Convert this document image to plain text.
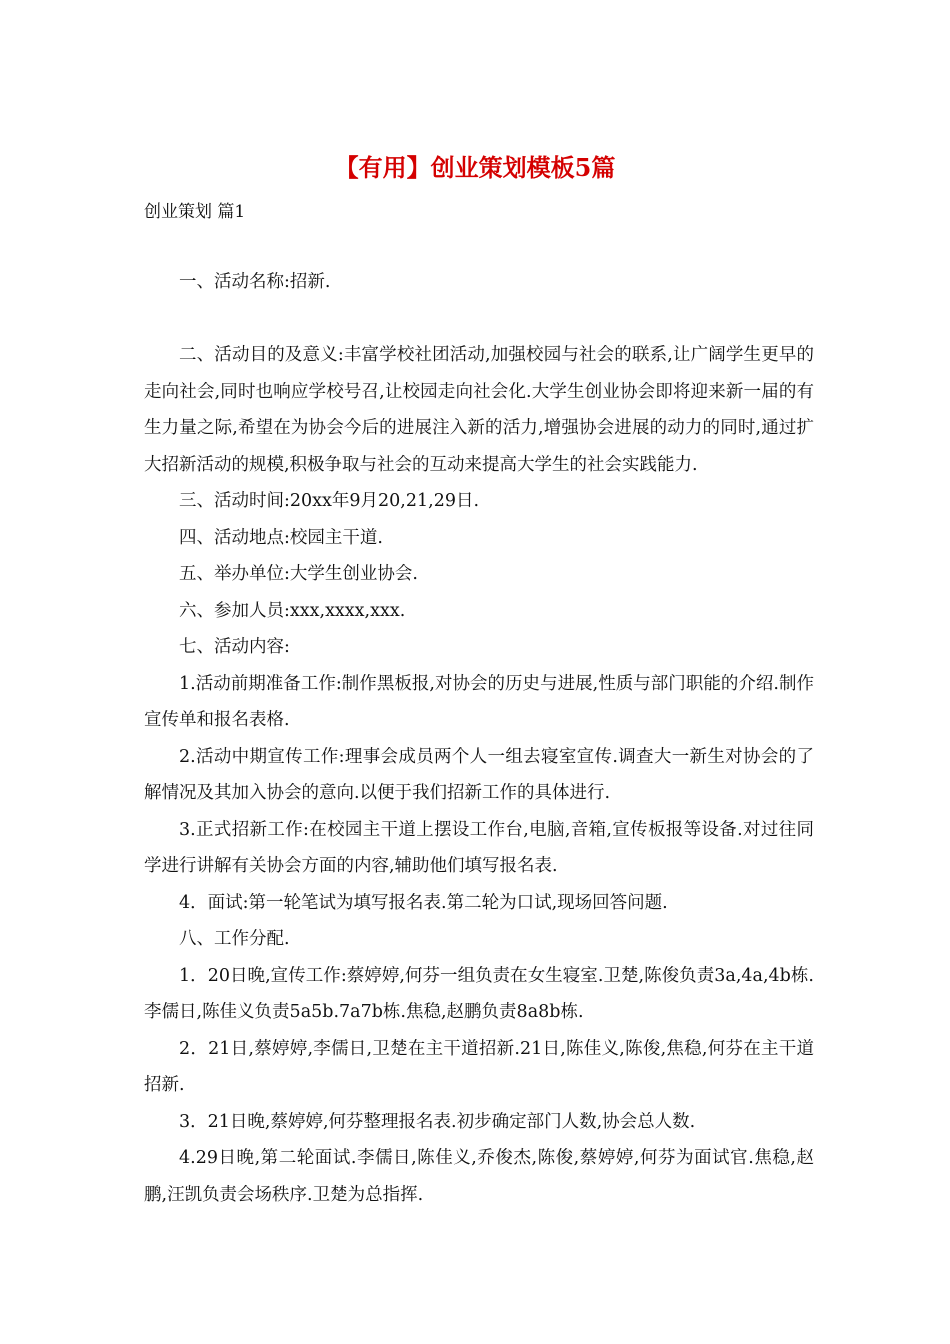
【有用】创业策划模板5篇
创业策划 篇1

一、活动名称:招新.

二、活动目的及意义:丰富学校社团活动,加强校园与社会的联系,让广阔学生更早的走向社会,同时也响应学校号召,让校园走向社会化.大学生创业协会即将迎来新一届的有生力量之际,希望在为协会今后的进展注入新的活力,增强协会进展的动力的同时,通过扩大招新活动的规模,积极争取与社会的互动来提高大学生的社会实践能力.

三、活动时间:20xx年9月20,21,29日.

四、活动地点:校园主干道.

五、举办单位:大学生创业协会.

六、参加人员:xxx,xxxx,xxx.

七、活动内容:

1.活动前期准备工作:制作黑板报,对协会的历史与进展,性质与部门职能的介绍.制作宣传单和报名表格.

2.活动中期宣传工作:理事会成员两个人一组去寝室宣传.调查大一新生对协会的了解情况及其加入协会的意向.以便于我们招新工作的具体进行.

3.正式招新工作:在校园主干道上摆设工作台,电脑,音箱,宣传板报等设备.对过往同学进行讲解有关协会方面的内容,辅助他们填写报名表.

4．面试:第一轮笔试为填写报名表.第二轮为口试,现场回答问题.

八、工作分配.

1．20日晚,宣传工作:蔡婷婷,何芬一组负责在女生寝室.卫楚,陈俊负责3a,4a,4b栋.李儒日,陈佳义负责5a5b.7a7b栋.焦稳,赵鹏负责8a8b栋.

2．21日,蔡婷婷,李儒日,卫楚在主干道招新.21日,陈佳义,陈俊,焦稳,何芬在主干道招新.

3．21日晚,蔡婷婷,何芬整理报名表.初步确定部门人数,协会总人数.

4.29日晚,第二轮面试.李儒日,陈佳义,乔俊杰,陈俊,蔡婷婷,何芬为面试官.焦稳,赵鹏,汪凯负责会场秩序.卫楚为总指挥.
